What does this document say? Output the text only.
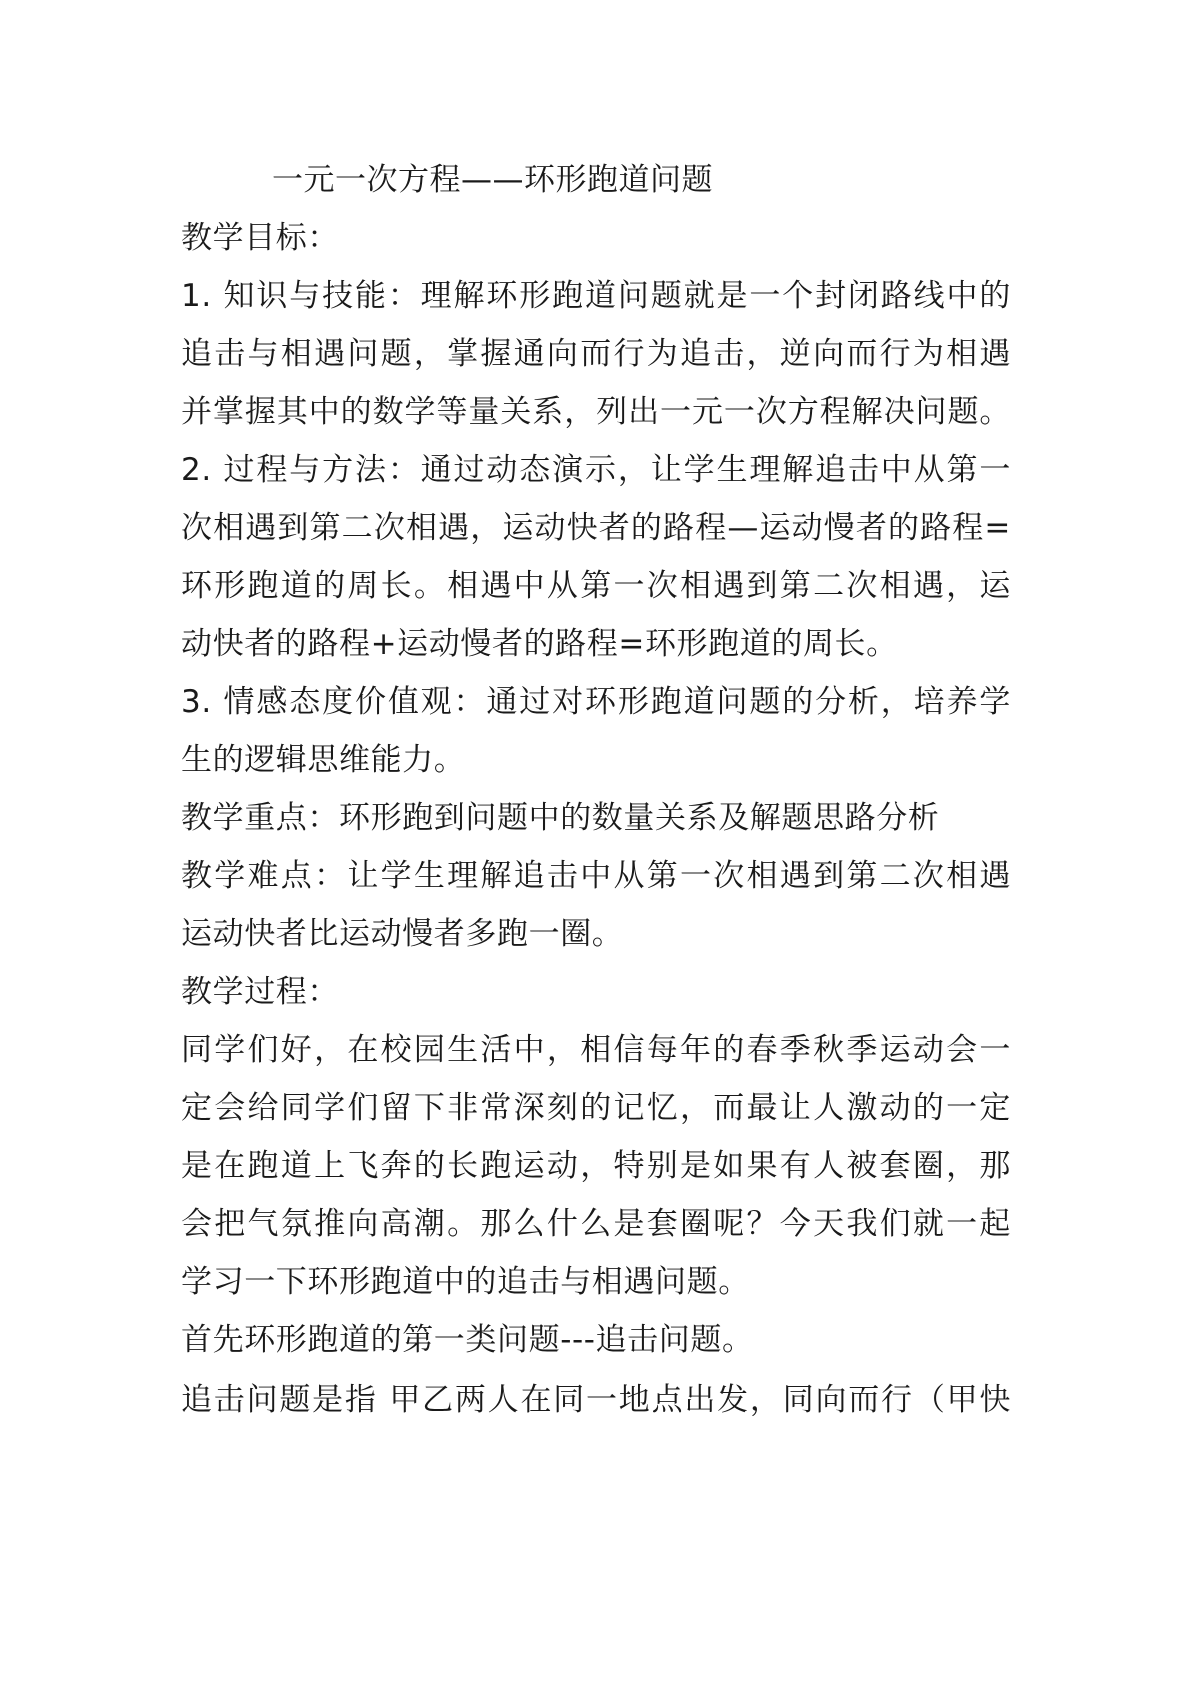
一元一次方程——环形跑道问题
教学目标：
1. 知识与技能：理解环形跑道问题就是一个封闭路线中的
追击与相遇问题，掌握通向而行为追击，逆向而行为相遇
并掌握其中的数学等量关系，列出一元一次方程解决问题。
2. 过程与方法：通过动态演示，让学生理解追击中从第一
次相遇到第二次相遇，运动快者的路程—运动慢者的路程=
环形跑道的周长。相遇中从第一次相遇到第二次相遇，运
动快者的路程+运动慢者的路程=环形跑道的周长。
3. 情感态度价值观：通过对环形跑道问题的分析，培养学
生的逻辑思维能力。
教学重点：环形跑到问题中的数量关系及解题思路分析
教学难点：让学生理解追击中从第一次相遇到第二次相遇
运动快者比运动慢者多跑一圈。
教学过程：
同学们好，在校园生活中，相信每年的春季秋季运动会一
定会给同学们留下非常深刻的记忆，而最让人激动的一定
是在跑道上飞奔的长跑运动，特别是如果有人被套圈，那
会把气氛推向高潮。那么什么是套圈呢？今天我们就一起
学习一下环形跑道中的追击与相遇问题。
首先环形跑道的第一类问题---追击问题。
追击问题是指 甲乙两人在同一地点出发，同向而行（甲快
